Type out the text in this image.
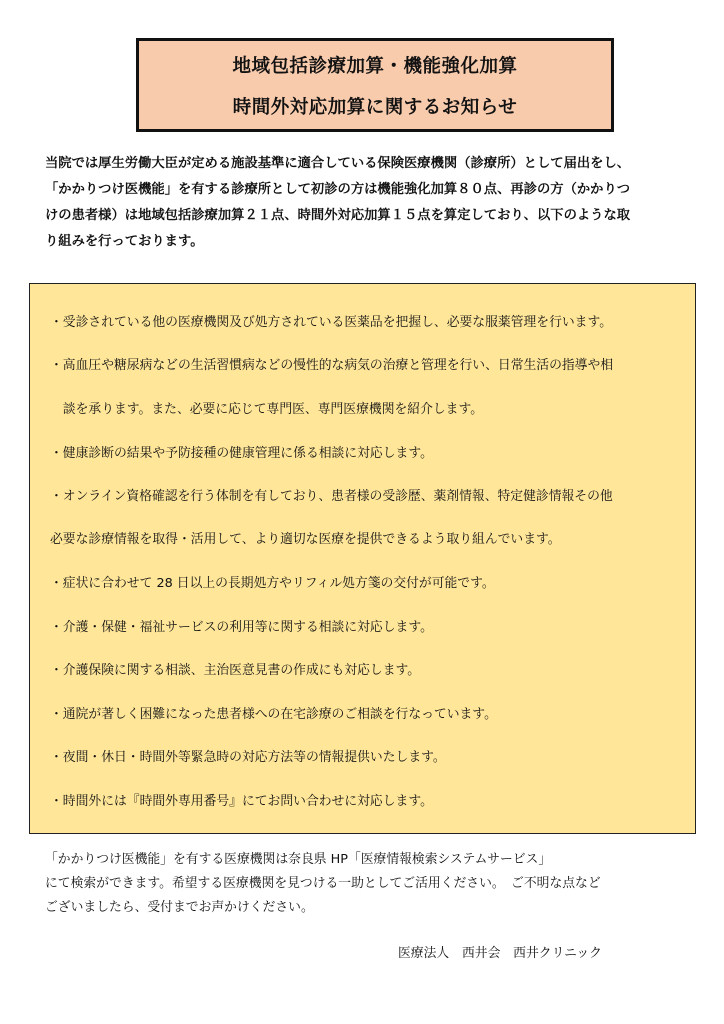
地域包括診療加算・機能強化加算
時間外対応加算に関するお知らせ

当院では厚生労働大臣が定める施設基準に適合している保険医療機関（診療所）として届出をし、

「かかりつけ医機能」を有する診療所として初診の方は機能強化加算８０点、再診の方（かかりつ

けの患者様）は地域包括診療加算２１点、時間外対応加算１５点を算定しており、以下のような取

り組みを行っております。

・受診されている他の医療機関及び処方されている医薬品を把握し、必要な服薬管理を行います。
・高血圧や糖尿病などの生活習慣病などの慢性的な病気の治療と管理を行い、日常生活の指導や相
　談を承ります。また、必要に応じて専門医、専門医療機関を紹介します。
・健康診断の結果や予防接種の健康管理に係る相談に対応します。
・オンライン資格確認を行う体制を有しており、患者様の受診歴、薬剤情報、特定健診情報その他
必要な診療情報を取得・活用して、より適切な医療を提供できるよう取り組んでいます。
・症状に合わせて 28 日以上の長期処方やリフィル処方箋の交付が可能です。
・介護・保健・福祉サービスの利用等に関する相談に対応します。
・介護保険に関する相談、主治医意見書の作成にも対応します。
・通院が著しく困難になった患者様への在宅診療のご相談を行なっています。
・夜間・休日・時間外等緊急時の対応方法等の情報提供いたします。
・時間外には『時間外専用番号』にてお問い合わせに対応します。

「かかりつけ医機能」を有する医療機関は奈良県 HP「医療情報検索システムサービス」

にて検索ができます。希望する医療機関を見つける一助としてご活用ください。　ご不明な点など

ございましたら、受付までお声かけください。

医療法人　西井会　西井クリニック
